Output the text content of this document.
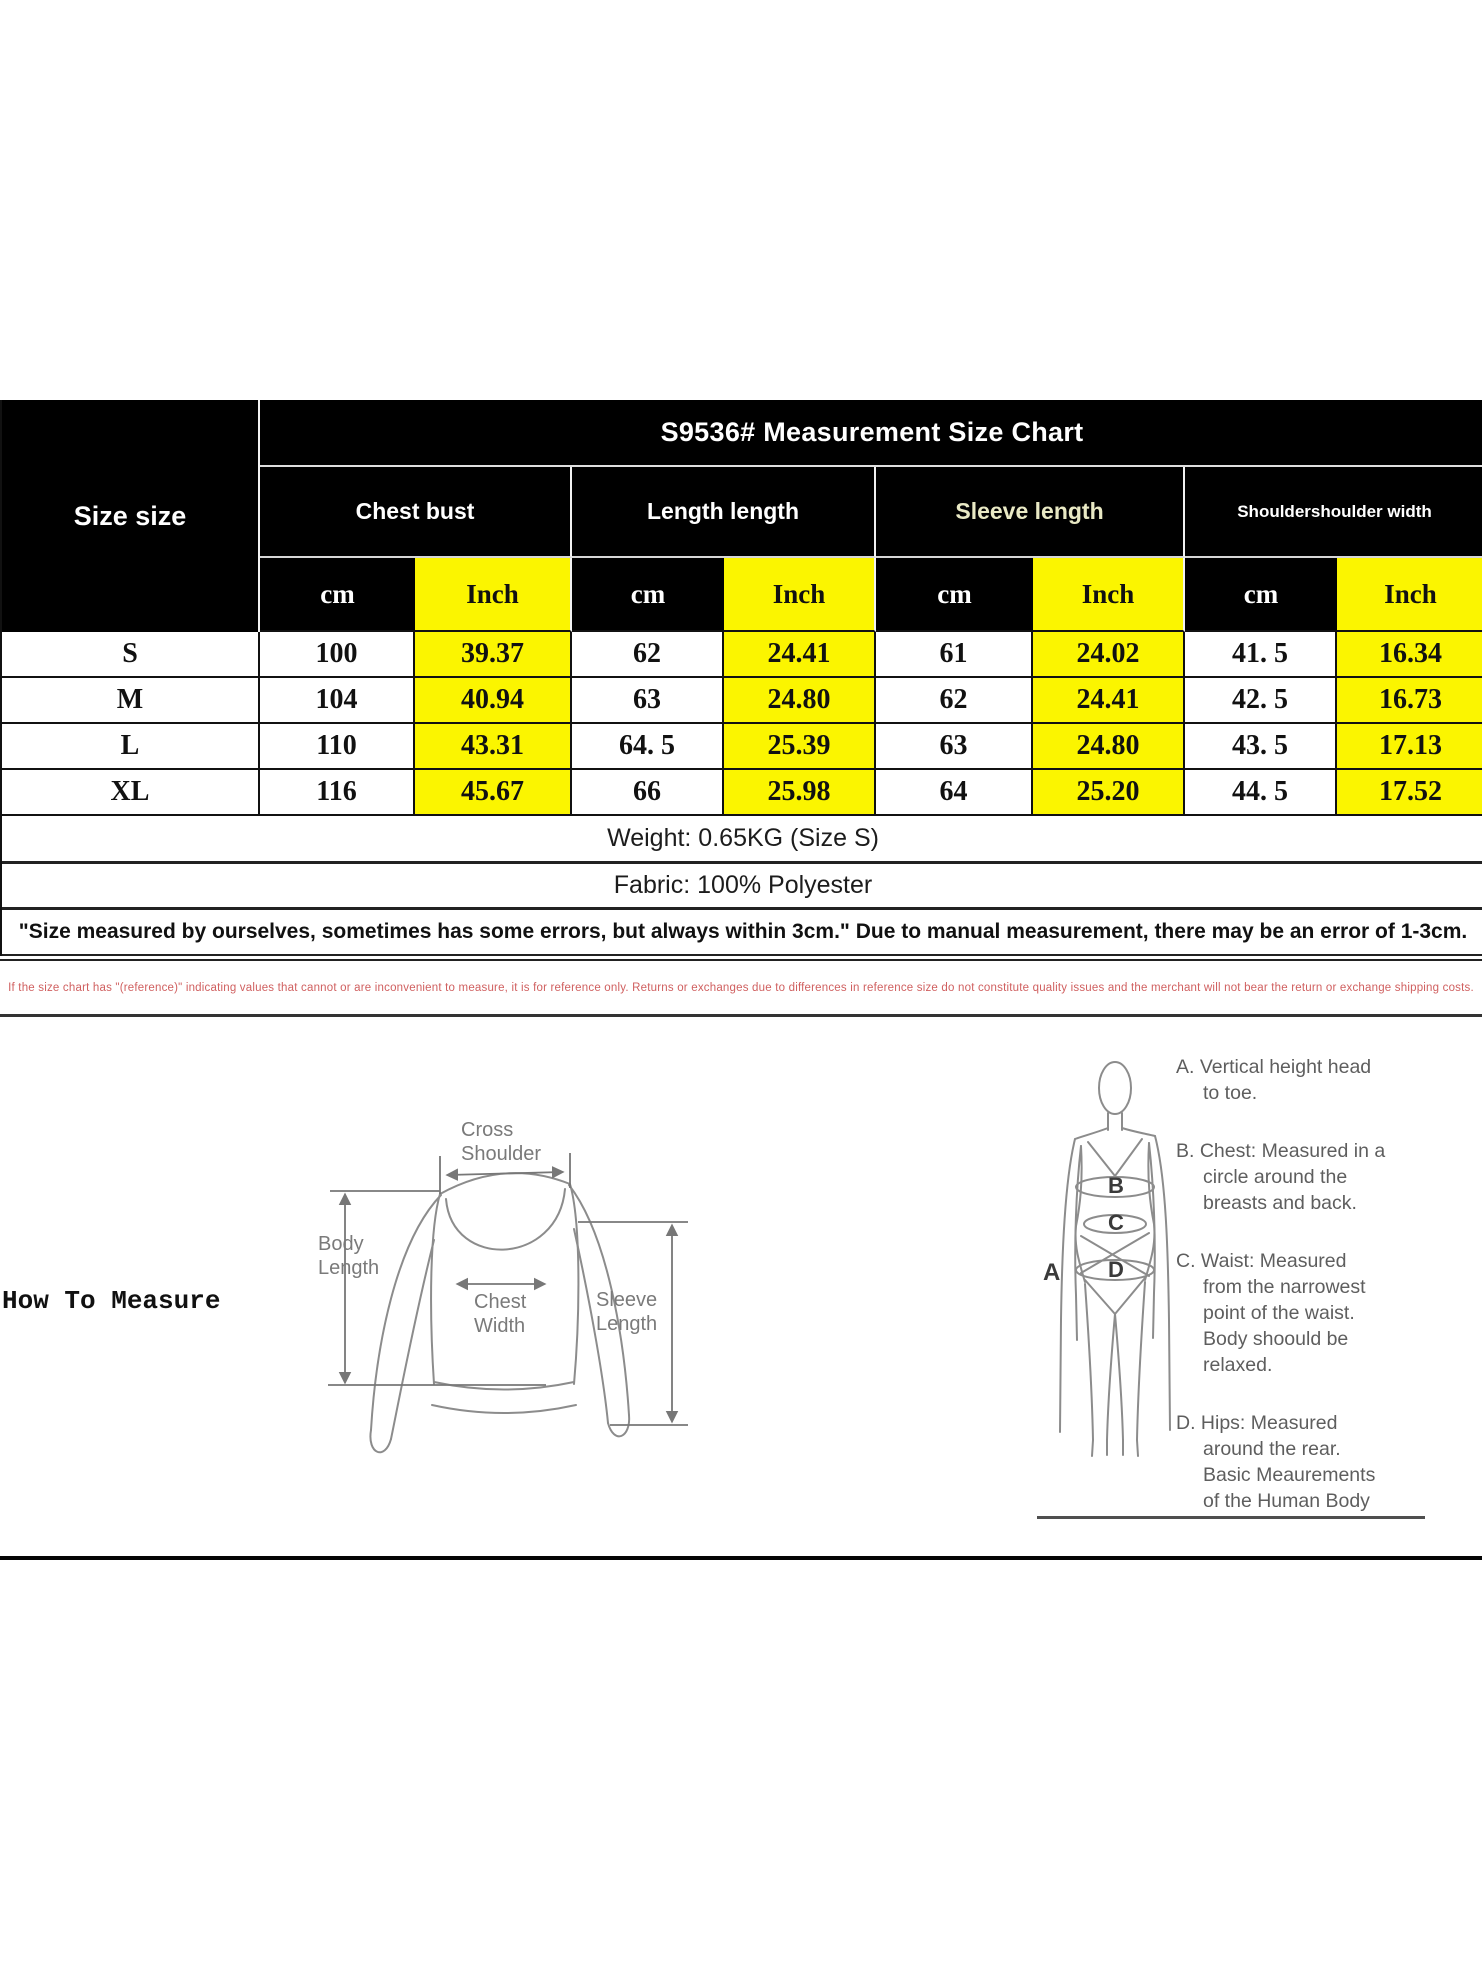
Size size	S9536# Measurement Size Chart							
	Chest bust		Length length		Sleeve length		Shouldershoulder width	
	cm	Inch	cm	Inch	cm	Inch	cm	Inch
S	100	39.37	62	24.41	61	24.02	41. 5	16.34
M	104	40.94	63	24.80	62	24.41	42. 5	16.73
L	110	43.31	64. 5	25.39	63	24.80	43. 5	17.13
XL	116	45.67	66	25.98	64	25.20	44. 5	17.52
Weight: 0.65KG (Size S)								
Fabric: 100% Polyester								
"Size measured by ourselves, sometimes has some errors, but always within 3cm." Due to manual measurement, there may be an error of 1-3cm.								
If the size chart has "(reference)" indicating values that cannot or are inconvenient to measure, it is for reference only. Returns or exchanges due to differences in reference size do not constitute quality issues and the merchant will not bear the return or exchange shipping costs.
How To Measure
Cross
Shoulder
Body
Length
Chest
Width
Sleeve
Length
A
B
C
D
A. Vertical height head
to toe.
B. Chest: Measured in a
circle around the
breasts and back.
C. Waist: Measured
from the narrowest
point of the waist.
Body shoould be
relaxed.
D. Hips: Measured
around the rear.
Basic Meaurements
of the Human Body
